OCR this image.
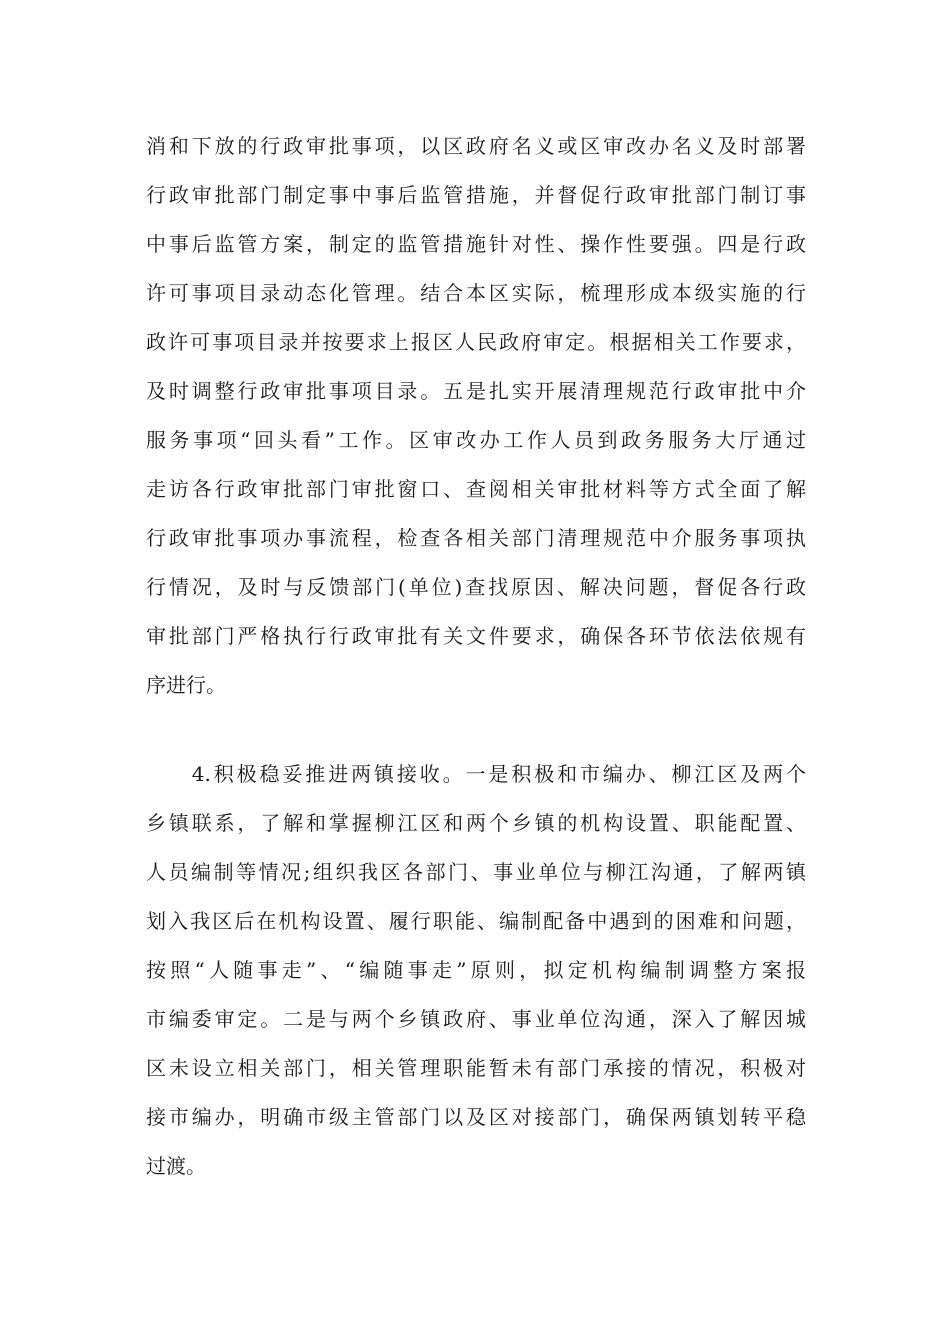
消和下放的行政审批事项，以区政府名义或区审改办名义及时部署
行政审批部门制定事中事后监管措施，并督促行政审批部门制订事
中事后监管方案，制定的监管措施针对性、操作性要强。四是行政
许可事项目录动态化管理。结合本区实际，梳理形成本级实施的行
政许可事项目录并按要求上报区人民政府审定。根据相关工作要求，
及时调整行政审批事项目录。五是扎实开展清理规范行政审批中介
服务事项“回头看”工作。区审改办工作人员到政务服务大厅通过
走访各行政审批部门审批窗口、查阅相关审批材料等方式全面了解
行政审批事项办事流程，检查各相关部门清理规范中介服务事项执
行情况，及时与反馈部门(单位)查找原因、解决问题，督促各行政
审批部门严格执行行政审批有关文件要求，确保各环节依法依规有
序进行。
　　4.积极稳妥推进两镇接收。一是积极和市编办、柳江区及两个
乡镇联系，了解和掌握柳江区和两个乡镇的机构设置、职能配置、
人员编制等情况;组织我区各部门、事业单位与柳江沟通，了解两镇
划入我区后在机构设置、履行职能、编制配备中遇到的困难和问题，
按照“人随事走”、“编随事走”原则，拟定机构编制调整方案报
市编委审定。二是与两个乡镇政府、事业单位沟通，深入了解因城
区未设立相关部门，相关管理职能暂未有部门承接的情况，积极对
接市编办，明确市级主管部门以及区对接部门，确保两镇划转平稳
过渡。
